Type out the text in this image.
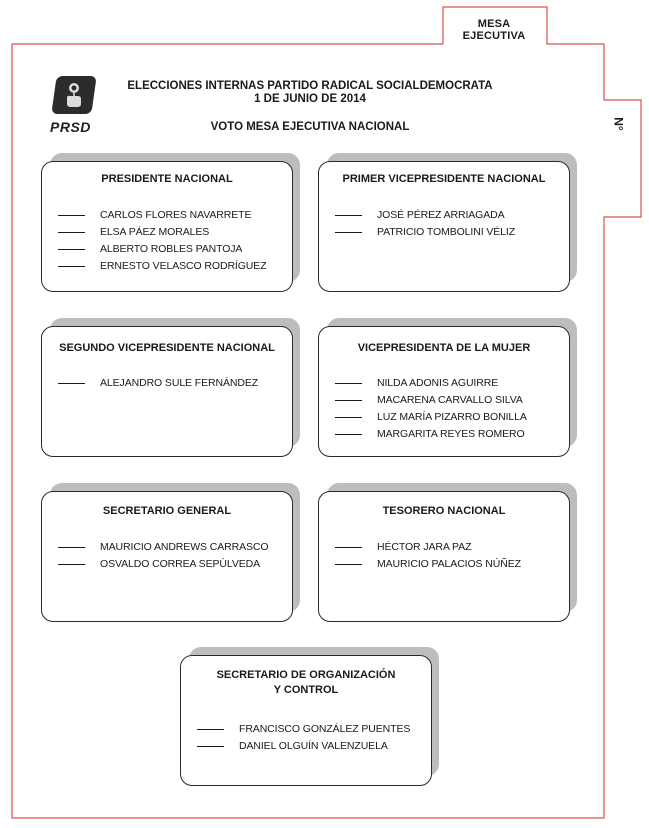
MESA EJECUTIVA
N°
PRSD
ELECCIONES INTERNAS PARTIDO RADICAL SOCIALDEMOCRATA
1 DE JUNIO DE 2014
VOTO MESA EJECUTIVA NACIONAL
PRESIDENTE NACIONAL
CARLOS FLORES NAVARRETE
ELSA PÁEZ MORALES
ALBERTO ROBLES PANTOJA
ERNESTO VELASCO RODRÍGUEZ
PRIMER VICEPRESIDENTE NACIONAL
JOSÉ PÉREZ ARRIAGADA
PATRICIO TOMBOLINI VÉLIZ
SEGUNDO VICEPRESIDENTE NACIONAL
ALEJANDRO SULE FERNÁNDEZ
VICEPRESIDENTA DE LA MUJER
NILDA ADONIS AGUIRRE
MACARENA CARVALLO SILVA
LUZ MARÍA PIZARRO BONILLA
MARGARITA REYES ROMERO
SECRETARIO GENERAL
MAURICIO ANDREWS CARRASCO
OSVALDO CORREA SEPÚLVEDA
TESORERO NACIONAL
HÉCTOR JARA PAZ
MAURICIO PALACIOS NÚÑEZ
SECRETARIO DE ORGANIZACIÓN
Y CONTROL
FRANCISCO GONZÁLEZ PUENTES
DANIEL OLGUÍN VALENZUELA
